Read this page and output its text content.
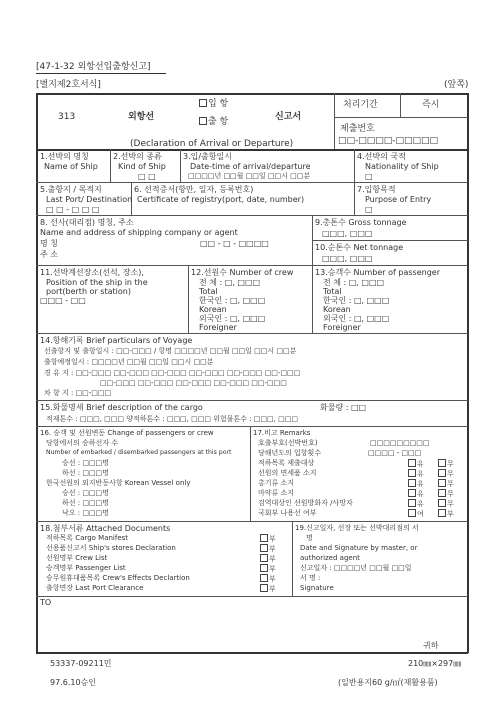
[47-1-32 외항선입출항신고]
[별지제2호서식]	(앞쪽)
313	외항선
입 항
출 항	신고서
(Declaration of Arrival or Departure)
처리기간	즉시
제출번호
□□-□□□□-□□□□□
1.선박의 명칭
Name of Ship
2.선박의 종류
Kind of Ship
□ □
3.입/출항일시
Date-time of arrival/departure
□□□□년 □□월 □□일 □□시 □□분
4.선박의 국적
Nationality of Ship
□
5.출항지 / 목적지
Last Port/ Destination
□ □ - □ □ □
6. 선적증서(항만, 일자, 등록번호)
Certificate of registry(port, date, number)
7.입항목적
Purpose of Entry
□
8. 선사(대리점) 명칭, 주소
Name and address of shipping company or agent
명 칭	□□ - □ - □□□□
주 소
9.총톤수 Gross tonnage
□□□, □□□
10.순톤수 Net tonnage
□□□, □□□
11.선박계선장소(선석, 장소),
Position of the ship in the
port(berth or station)
□□□ - □□
12.선원수 Number of crew
전 체 : □, □□□
Total
한국인 : □, □□□
Korean
외국인 : □, □□□
Foreigner
13.승객수 Number of passenger
전 체 : □, □□□
Total
한국인 : □, □□□
Korean
외국인 : □, □□□
Foreigner
14.항해기록 Brief particulars of Voyage
선출항지 및 출항일시 : □□-□□□ / 항명 □□□□년 □□월 □□일 □□시 □□분
출항예정일시 : □□□□년 □□월 □□일 □□시 □□분
경 유 지 : □□-□□□ □□-□□□ □□-□□□ □□-□□□ □□-□□□ □□-□□□
□□-□□□ □□-□□□ □□-□□□ □□-□□□ □□-□□□
차 항 지 : □□-□□□
15.화물명세 Brief description of the cargo	화물량 : □□
적재톤수 : □□□, □□□ 양적하톤수 : □□□, □□□ 위험물톤수 : □□□, □□□
16. 승객 및 선원변동 Change of passengers or crew
당항에서의 승하선자 수
Number of embarked / disembarked passengers at this port
승선 : □□□명
하선 : □□□명
한국선원의 외지반동사항 Korean Vessel only
승선 : □□□명
하선 : □□□명
낙오 : □□□명
17.비고 Remarks
호출부호(선박번호)	□□□□□□□□□
당해년도의 입항횟수	□□□□ - □□□
적하목록 제출대상	유	무
선원의 면세품 소지	유	무
총기류 소지	유	무
마약류 소지	유	무
검역대상인 선원방화자 /사망자	유	무
국회부 나용선 여부	여	부
18.첨부서류 Attached Documents
적하목록 Cargo Manifest	부
선용품신고서 Ship's stores Declaration	부
선원명부 Crew List	부
승객명부 Passenger List	부
승무원휴대품목록 Crew's Effects Declartion	부
출항면장 Last Port Clearance	부
19.신고일자, 선장 또는 선박대리점의 서
명
Date and Signature by master, or
authorized agent
신고일자 : □□□□년 □□월 □□일
서 명 :
Signature
TO
귀하
53337-09211민	210㎜×297㎜
97.6.10승인	(일반용지60 g/㎡(재활용품)
